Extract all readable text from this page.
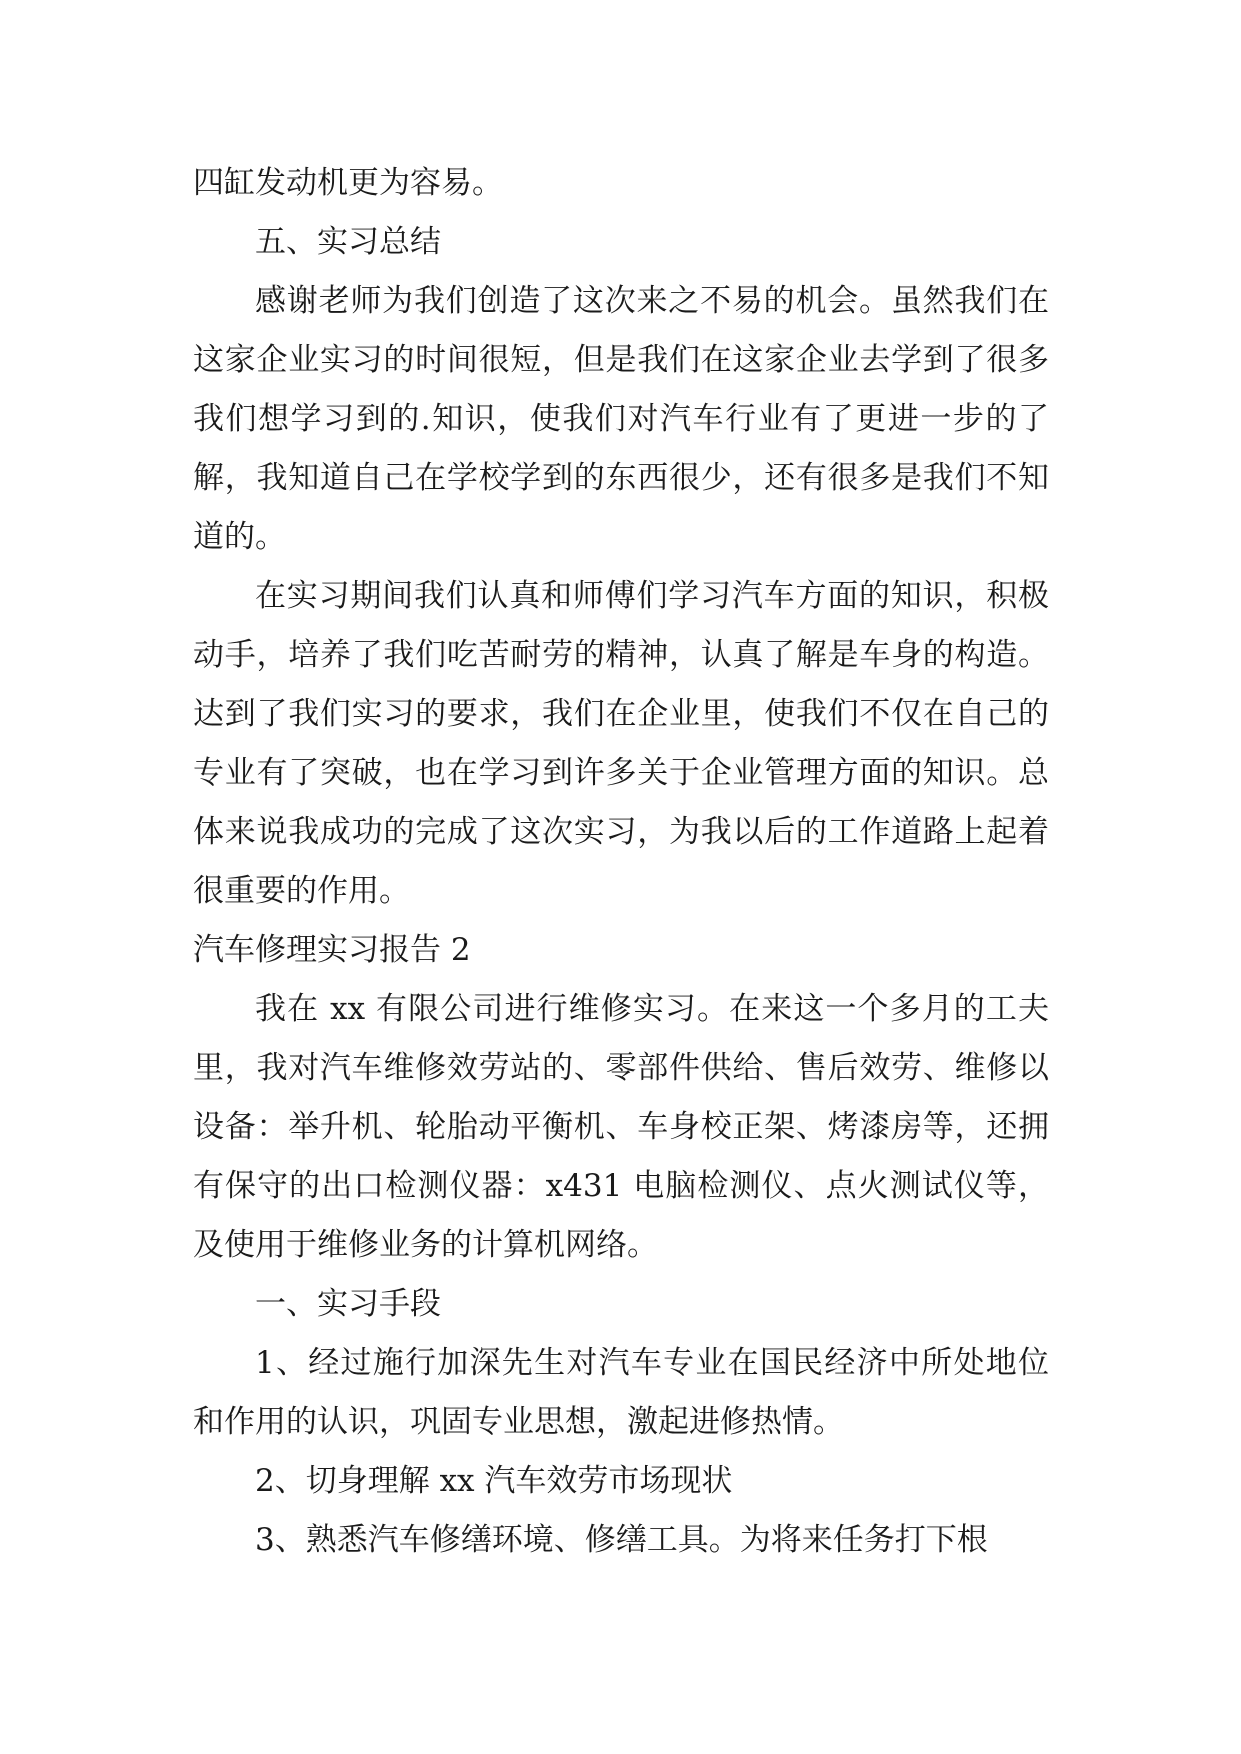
四缸发动机更为容易。

五、实习总结

感谢老师为我们创造了这次来之不易的机会。虽然我们在这家企业实习的时间很短，但是我们在这家企业去学到了很多我们想学习到的.知识，使我们对汽车行业有了更进一步的了解，我知道自己在学校学到的东西很少，还有很多是我们不知道的。

在实习期间我们认真和师傅们学习汽车方面的知识，积极动手，培养了我们吃苦耐劳的精神，认真了解是车身的构造。达到了我们实习的要求，我们在企业里，使我们不仅在自己的专业有了突破，也在学习到许多关于企业管理方面的知识。总体来说我成功的完成了这次实习，为我以后的工作道路上起着很重要的作用。

汽车修理实习报告 2

我在 xx 有限公司进行维修实习。在来这一个多月的工夫里，我对汽车维修效劳站的、零部件供给、售后效劳、维修以设备：举升机、轮胎动平衡机、车身校正架、烤漆房等，还拥有保守的出口检测仪器：x431 电脑检测仪、点火测试仪等，及使用于维修业务的计算机网络。

一、实习手段

1、经过施行加深先生对汽车专业在国民经济中所处地位和作用的认识，巩固专业思想，激起进修热情。

2、切身理解 xx 汽车效劳市场现状

3、熟悉汽车修缮环境、修缮工具。为将来任务打下根
